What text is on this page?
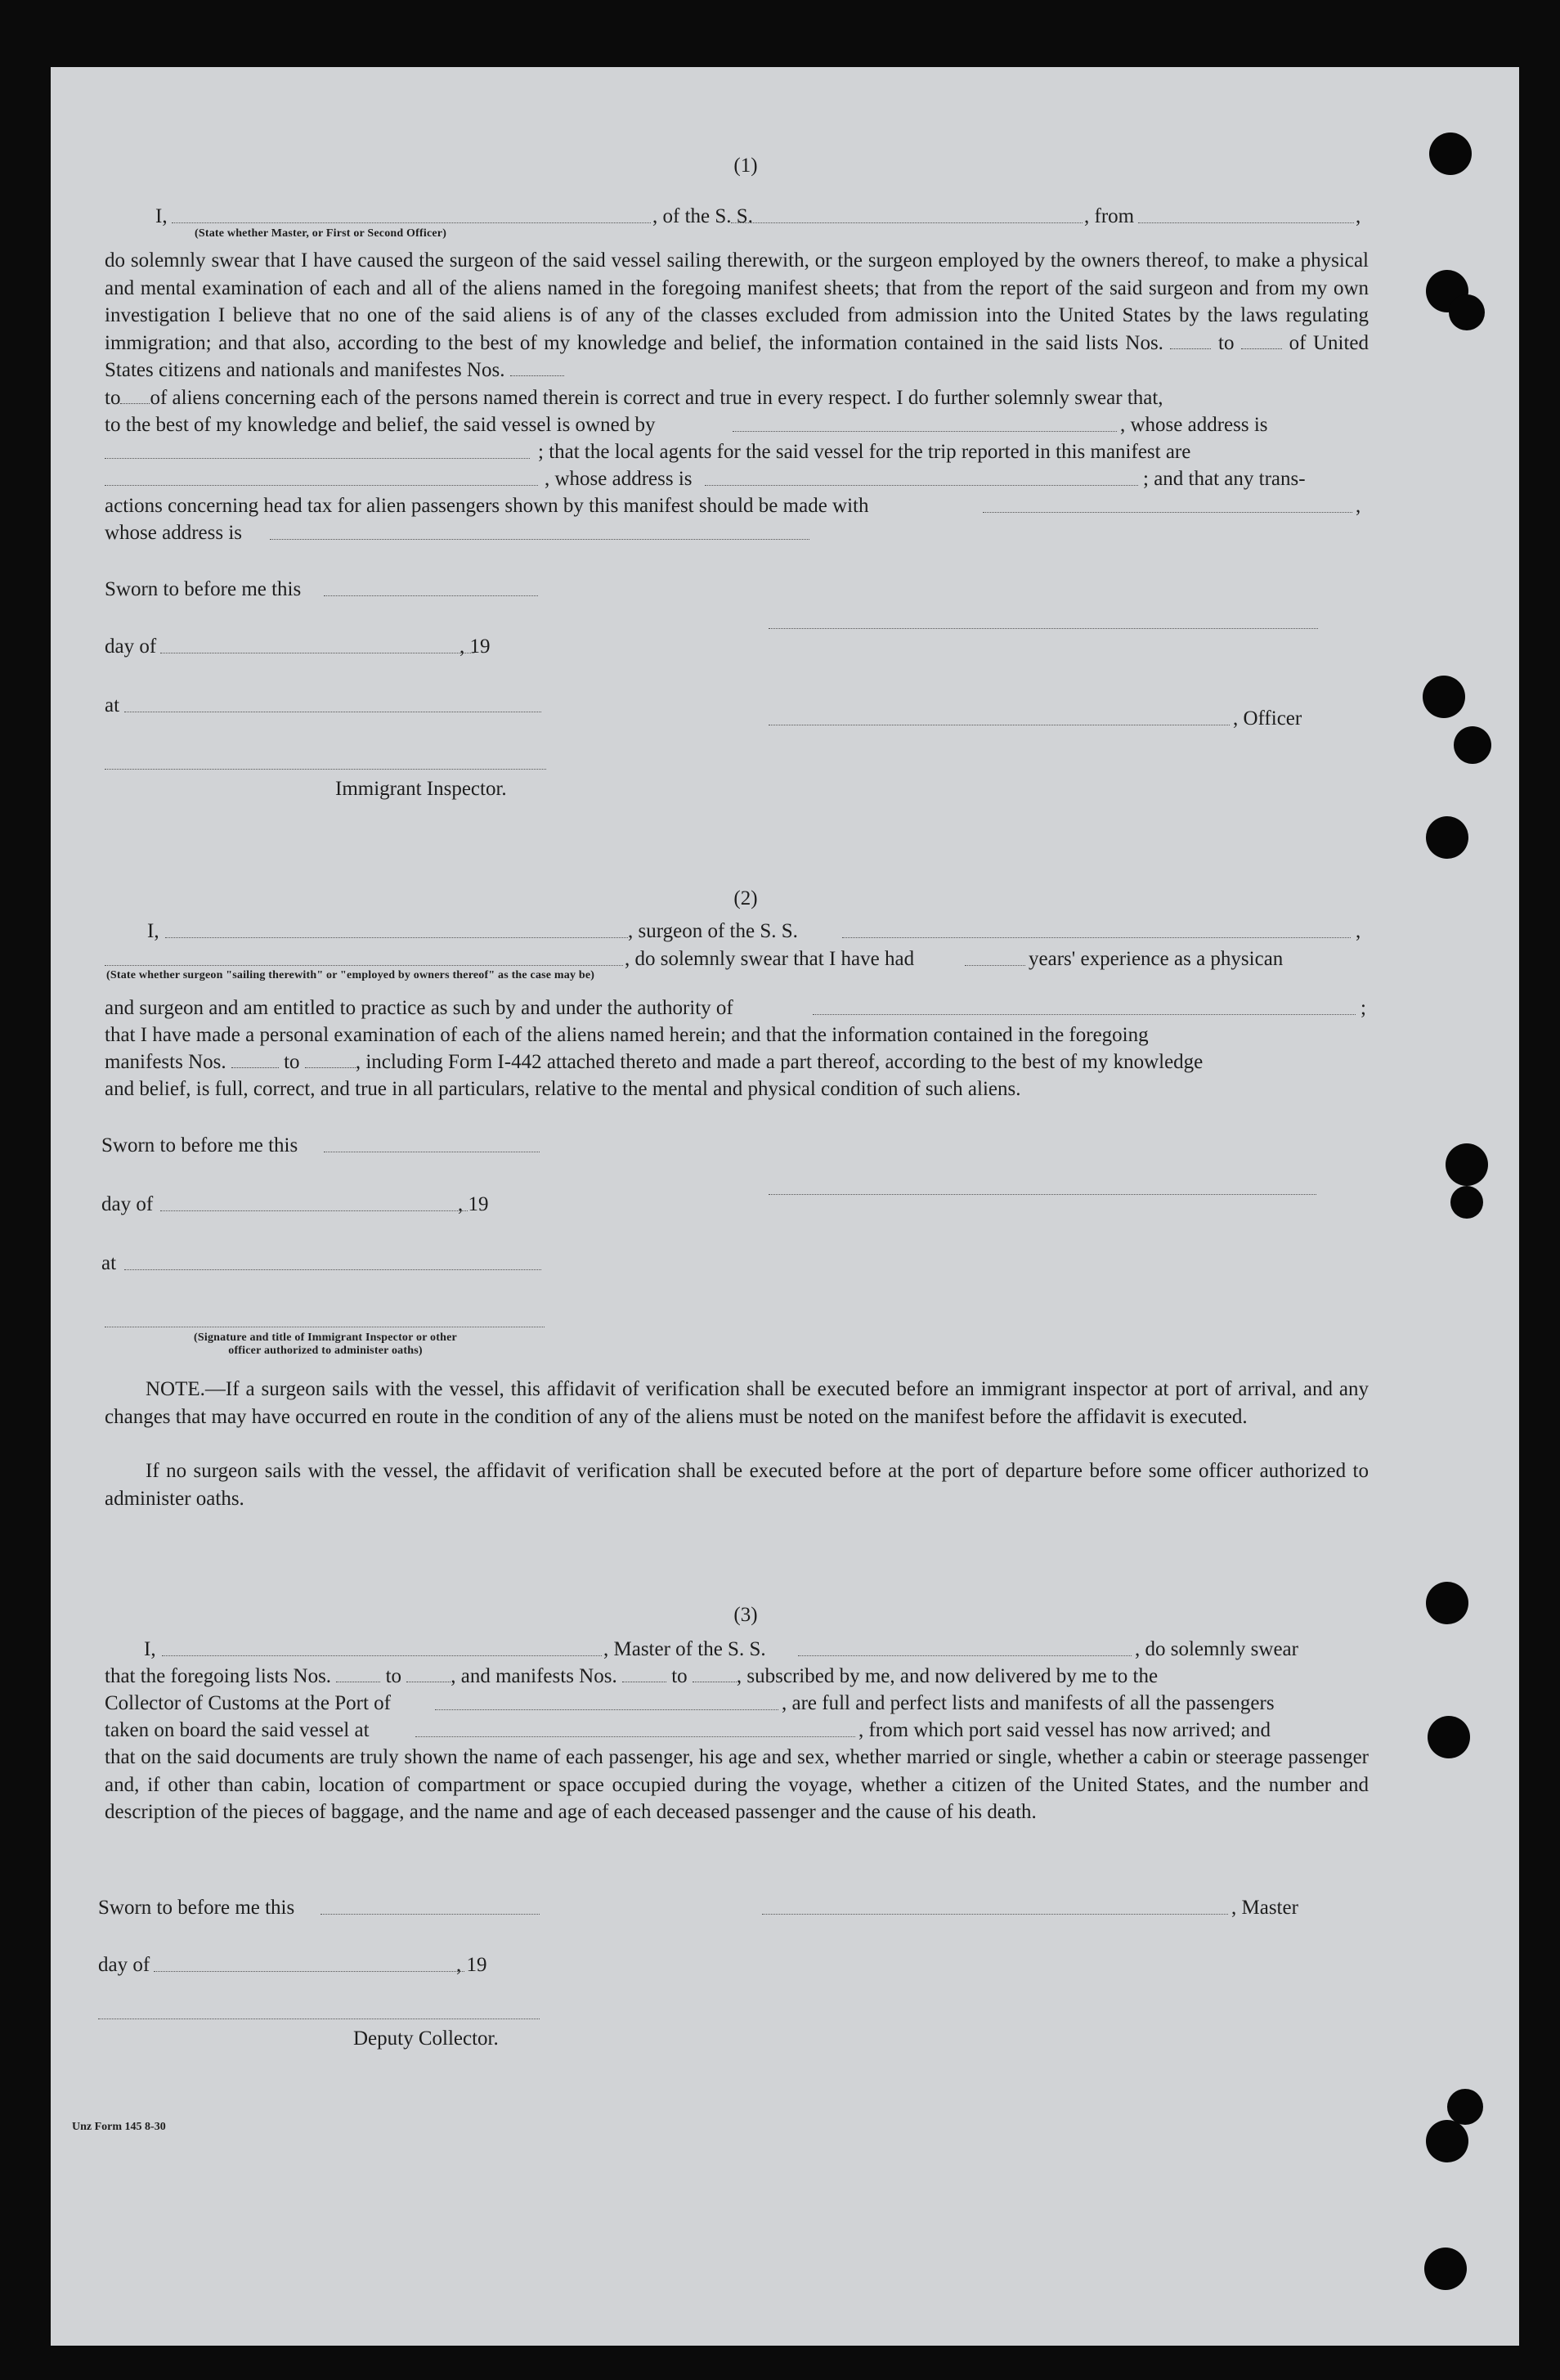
(1)
I,	, of the S. S.	, from	,
(State whether Master, or First or Second Officer)

do solemnly swear that I have caused the surgeon of the said vessel sailing therewith, or the surgeon employed by the owners thereof, to make a physical and mental examination of each and all of the aliens named in the foregoing manifest sheets; that from the report of the said surgeon and from my own investigation I believe that no one of the said aliens is of any of the classes excluded from admission into the United States by the laws regulating immigration; and that also, according to the best of my knowledge and belief, the information contained in the said lists Nos.	to	of United States citizens and nationals and manifestes Nos.

to of aliens concerning each of the persons named therein is correct and true in every respect. I do further solemnly swear that,
to the best of my knowledge and belief, the said vessel is owned by	, whose address is
; that the local agents for the said vessel for the trip reported in this manifest are
, whose address is	; and that any trans-
actions concerning head tax for alien passengers shown by this manifest should be made with	,
whose address is
Sworn to before me this
day of	, 19
at
, Officer
Immigrant Inspector.
(2)
I,	, surgeon of the S. S.	,
, do solemnly swear that I have had	years' experience as a physican
(State whether surgeon "sailing therewith" or "employed by owners thereof" as the case may be)
and surgeon and am entitled to practice as such by and under the authority of	;
that I have made a personal examination of each of the aliens named herein; and that the information contained in the foregoing
manifests Nos.	to	, including Form I-442 attached thereto and made a part thereof, according to the best of my knowledge
and belief, is full, correct, and true in all particulars, relative to the mental and physical condition of such aliens.
Sworn to before me this
day of	, 19
at
(Signature and title of Immigrant Inspector or other
officer authorized to administer oaths)
NOTE.—If a surgeon sails with the vessel, this affidavit of verification shall be executed before an immigrant inspector at port of arrival, and any changes that may have occurred en route in the condition of any of the aliens must be noted on the manifest before the affidavit is executed.
If no surgeon sails with the vessel, the affidavit of verification shall be executed before at the port of departure before some officer authorized to administer oaths.
(3)
I,	, Master of the S. S.	, do solemnly swear
that the foregoing lists Nos.	to , and manifests Nos.	to , subscribed by me, and now delivered by me to the
Collector of Customs at the Port of	, are full and perfect lists and manifests of all the passengers
taken on board the said vessel at	, from which port said vessel has now arrived; and
that on the said documents are truly shown the name of each passenger, his age and sex, whether married or single, whether a cabin or steerage passenger and, if other than cabin, location of compartment or space occupied during the voyage, whether a citizen of the United States, and the number and description of the pieces of baggage, and the name and age of each deceased passenger and the cause of his death.
Sworn to before me this	, Master
day of	, 19
Deputy Collector.
Unz Form 145 8-30
